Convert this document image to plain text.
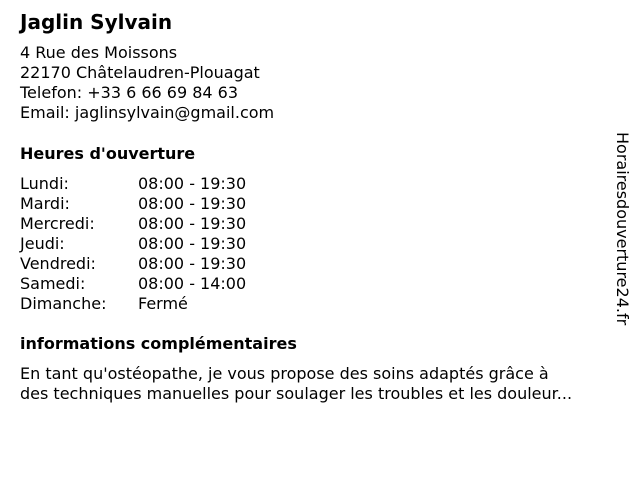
Jaglin Sylvain
4 Rue des Moissons
22170 Châtelaudren-Plouagat
Telefon: +33 6 66 69 84 63
Email: jaglinsylvain@gmail.com
Heures d'ouverture
Lundi:	08:00 - 19:30
Mardi:	08:00 - 19:30
Mercredi:	08:00 - 19:30
Jeudi:	08:00 - 19:30
Vendredi:	08:00 - 19:30
Samedi:	08:00 - 14:00
Dimanche: Fermé
informations complémentaires
En tant qu'ostéopathe, je vous propose des soins adaptés grâce à
des techniques manuelles pour soulager les troubles et les douleur...
Horairesdouverture24.fr
